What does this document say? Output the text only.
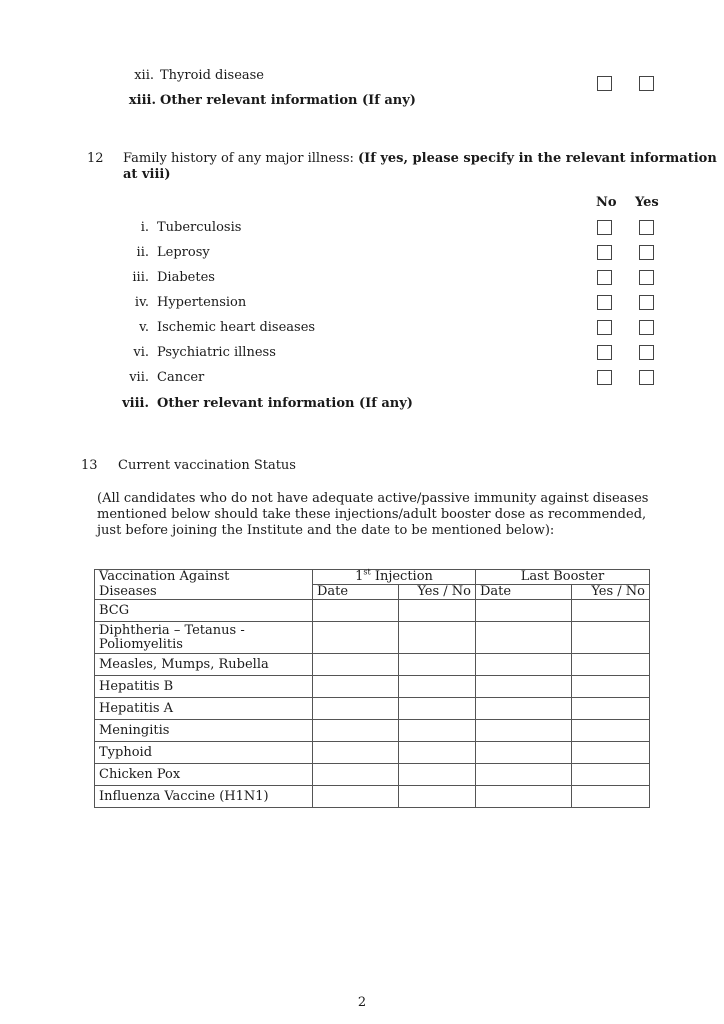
xii. Thyroid disease
xiii. Other relevant information (If any)
12 Family history of any major illness: (If yes, please specify in the relevant information
at viii)
No Yes
i. Tuberculosis
ii. Leprosy
iii. Diabetes
iv. Hypertension
v. Ischemic heart diseases
vi. Psychiatric illness
vii. Cancer
viii. Other relevant information (If any)
13 Current vaccination Status
(All candidates who do not have adequate active/passive immunity against diseases mentioned below should take these injections/adult booster dose as recommended, just before joining the Institute and the date to be mentioned below):
Vaccination Against	1st Injection		Last Booster	
Diseases	Date	Yes / No	Date	Yes / No
BCG				
Diphtheria – Tetanus - Poliomyelitis				
Measles, Mumps, Rubella				
Hepatitis B				
Hepatitis A				
Meningitis				
Typhoid				
Chicken Pox				
Influenza Vaccine (H1N1)				
2
